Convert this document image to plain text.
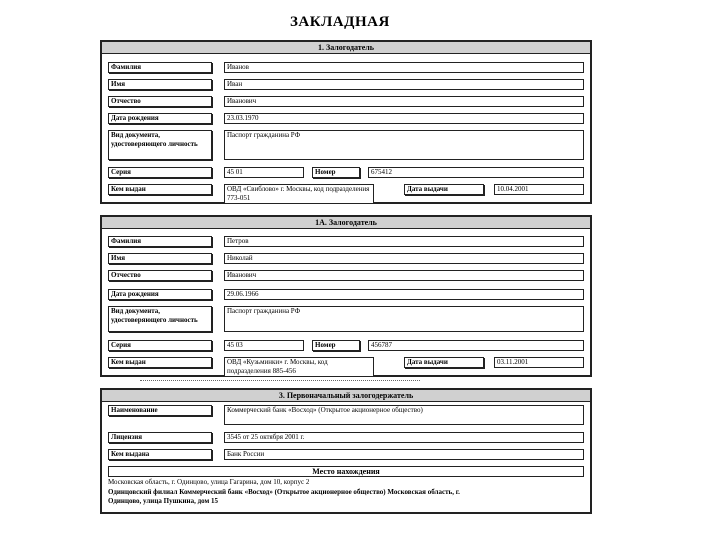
ЗАКЛАДНАЯ
1. Залогодатель
Фамилия	Иванов
Имя	Иван
Отчество	Иванович
Дата рождения	23.03.1970
Вид документа, удостоверяющего личность
Паспорт гражданина РФ
Серия	45 01	Номер	675412
Кем выдан	ОВД «Свиблово» г. Москвы, код подразделения 773-051
Дата выдачи	10.04.2001
1А. Залогодатель
Фамилия	Петров
Имя	Николай
Отчество	Иванович
Дата рождения	29.06.1966
Вид документа, удостоверяющего личность
Паспорт гражданина РФ
Серия	45 03	Номер	456787
Кем выдан	ОВД «Кузьминки» г. Москвы, код подразделения 885-456
Дата выдачи	03.11.2001
3. Первоначальный залогодержатель
Наименование	Коммерческий банк «Восход» (Открытое акционерное общество)
Лицензия	3545 от 25 октября 2001 г.
Кем выдана	Банк России
Место нахождения
Московская область, г. Одинцово, улица Гагарина, дом 10, корпус 2
Одинцовский филиал Коммерческий банк «Восход» (Открытое акционерное общество) Московская область, г.
Одинцово, улица Пушкина, дом 15
